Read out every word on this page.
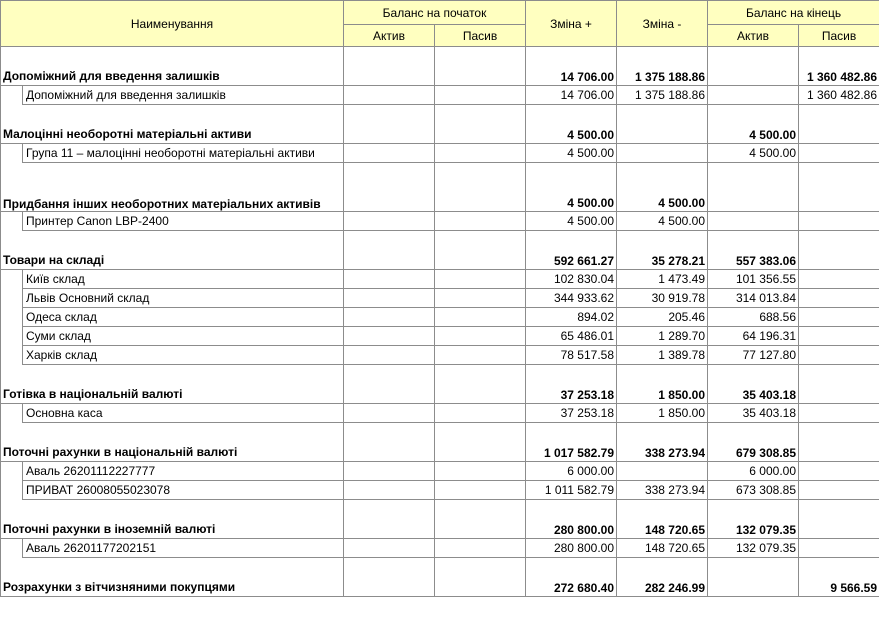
Наименування		Баланс на початок		Зміна +	Зміна -	Баланс на кінець	
		Актив	Пасив			Актив	Пасив

Допоміжний для введення залишків				14 706.00	1 375 188.86		1 360 482.86
	Допоміжний для введення залишків			14 706.00	1 375 188.86		1 360 482.86

Малоцінні необоротні матеріальні активи				4 500.00		4 500.00	
	Група 11 – малоцінні необоротні матеріальні активи			4 500.00		4 500.00	

Придбання інших необоротних матеріальних активів				4 500.00	4 500.00		
	Принтер Canon LBP-2400			4 500.00	4 500.00		

Товари на складі				592 661.27	35 278.21	557 383.06	
	Київ склад			102 830.04	1 473.49	101 356.55	
	Львів Основний склад			344 933.62	30 919.78	314 013.84	
	Одеса склад			894.02	205.46	688.56	
	Суми склад			65 486.01	1 289.70	64 196.31	
	Харків склад			78 517.58	1 389.78	77 127.80	

Готівка в національній валюті				37 253.18	1 850.00	35 403.18	
	Основна каса			37 253.18	1 850.00	35 403.18	

Поточні рахунки в національній валюті				1 017 582.79	338 273.94	679 308.85	
	Аваль 26201112227777			6 000.00		6 000.00	
	ПРИВАТ 26008055023078			1 011 582.79	338 273.94	673 308.85	

Поточні рахунки в іноземній валюті				280 800.00	148 720.65	132 079.35	
	Аваль 26201177202151			280 800.00	148 720.65	132 079.35	

Розрахунки з вітчизняними покупцями				272 680.40	282 246.99		9 566.59
